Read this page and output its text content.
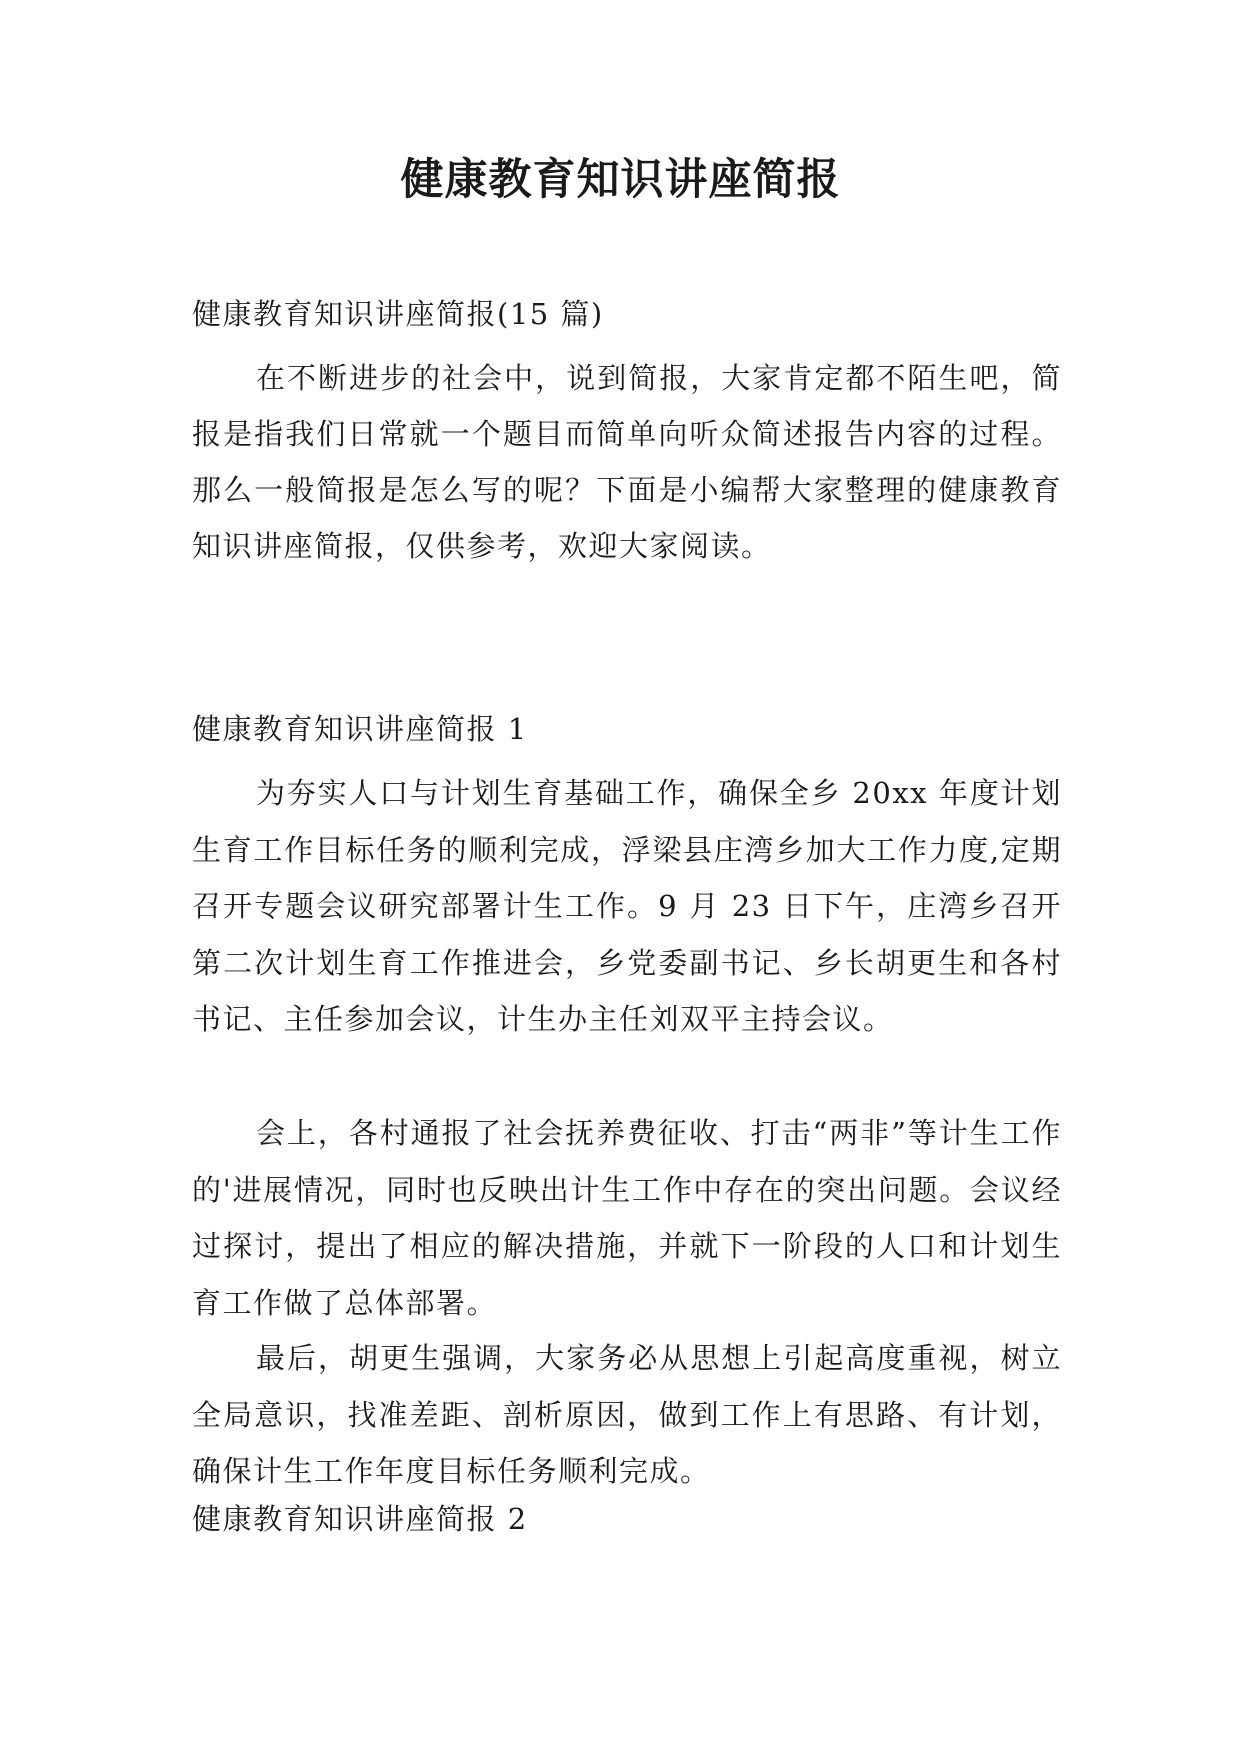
健康教育知识讲座简报

健康教育知识讲座简报(15 篇)

在不断进步的社会中，说到简报，大家肯定都不陌生吧，简报是指我们日常就一个题目而简单向听众简述报告内容的过程。那么一般简报是怎么写的呢？下面是小编帮大家整理的健康教育知识讲座简报，仅供参考，欢迎大家阅读。

健康教育知识讲座简报 1

为夯实人口与计划生育基础工作，确保全乡 20xx 年度计划生育工作目标任务的顺利完成，浮梁县庄湾乡加大工作力度,定期召开专题会议研究部署计生工作。9 月 23 日下午，庄湾乡召开第二次计划生育工作推进会，乡党委副书记、乡长胡更生和各村书记、主任参加会议，计生办主任刘双平主持会议。

会上，各村通报了社会抚养费征收、打击“两非”等计生工作的'进展情况，同时也反映出计生工作中存在的突出问题。会议经过探讨，提出了相应的解决措施，并就下一阶段的人口和计划生育工作做了总体部署。

最后，胡更生强调，大家务必从思想上引起高度重视，树立全局意识，找准差距、剖析原因，做到工作上有思路、有计划，确保计生工作年度目标任务顺利完成。

健康教育知识讲座简报 2
